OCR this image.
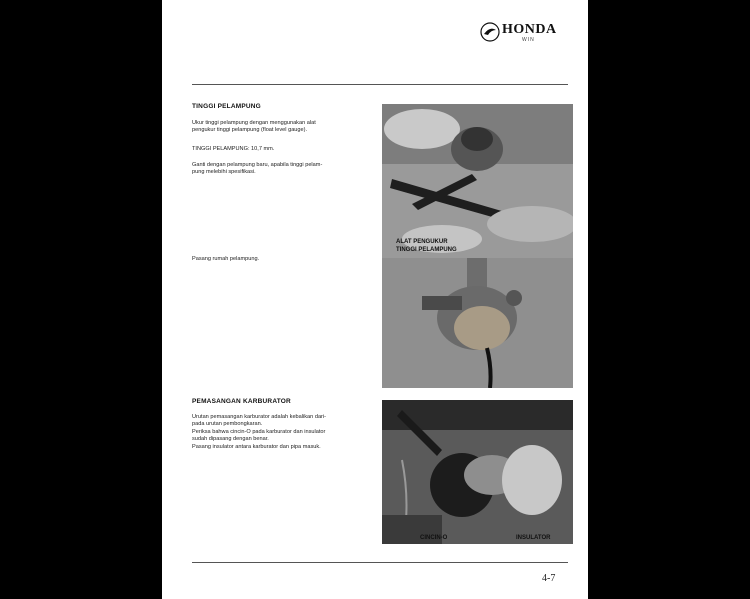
HONDA
WIN
TINGGI PELAMPUNG
Ukur tinggi pelampung dengan menggunakan alat
pengukur tinggi pelampung (float level gauge).
TINGGI PELAMPUNG: 10,7 mm.
Ganti dengan pelampung baru, apabila tinggi pelam-
pung melebihi spesifikasi.
Pasang rumah pelampung.
PEMASANGAN KARBURATOR
Urutan pemasangan karburator adalah kebalikan dari-
pada urutan pembongkaran.
Periksa bahwa cincin-O pada karburator dan insulator
sudah dipasang dengan benar.
Pasang insulator antara karburator dan pipa masuk.
ALAT PENGUKUR
TINGGI PELAMPUNG
CINCIN-O	INSULATOR
4-7
